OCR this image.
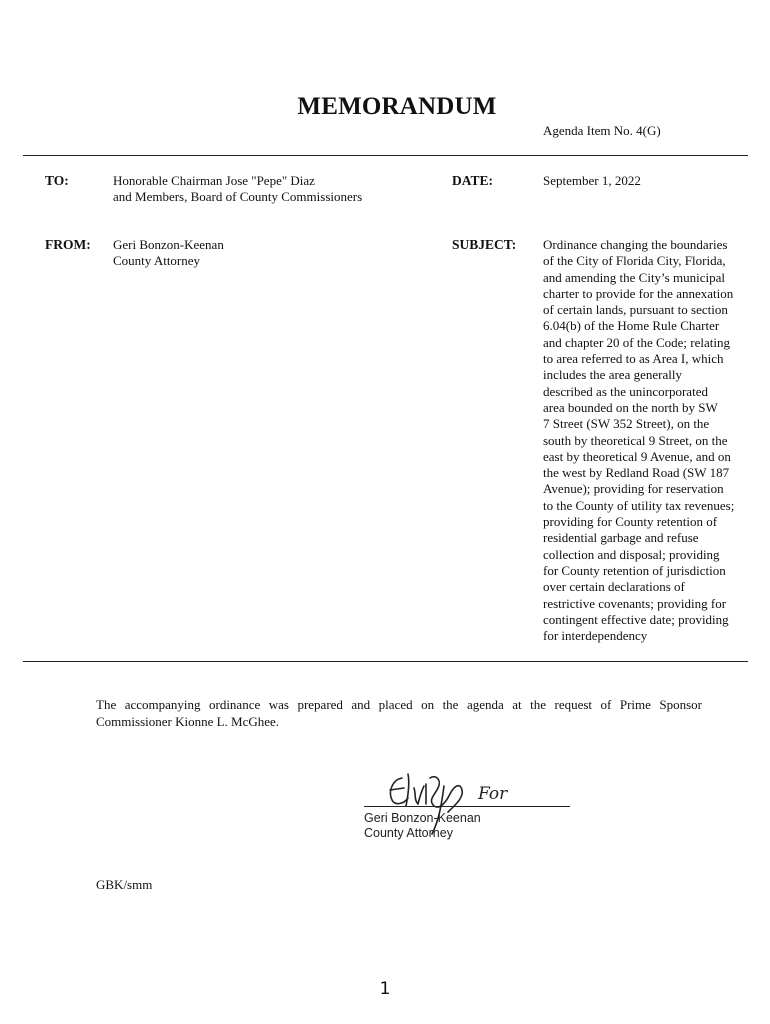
MEMORANDUM
Agenda Item No. 4(G)
TO:	Honorable Chairman Jose "Pepe" Diaz
and Members, Board of County Commissioners
DATE:	September 1, 2022
FROM: Geri Bonzon-Keenan
County Attorney
SUBJECT: Ordinance changing the boundaries
of the City of Florida City, Florida,
and amending the City’s municipal
charter to provide for the annexation
of certain lands, pursuant to section
6.04(b) of the Home Rule Charter
and chapter 20 of the Code; relating
to area referred to as Area I, which
includes the area generally
described as the unincorporated
area bounded on the north by SW
7 Street (SW 352 Street), on the
south by theoretical 9 Street, on the
east by theoretical 9 Avenue, and on
the west by Redland Road (SW 187
Avenue); providing for reservation
to the County of utility tax revenues;
providing for County retention of
residential garbage and refuse
collection and disposal; providing
for County retention of jurisdiction
over certain declarations of
restrictive covenants; providing for
contingent effective date; providing
for interdependency
The accompanying ordinance was prepared and placed on the agenda at the request of Prime Sponsor Commissioner Kionne L. McGhee.
For
Geri Bonzon-Keenan
County Attorney
GBK/smm
1
